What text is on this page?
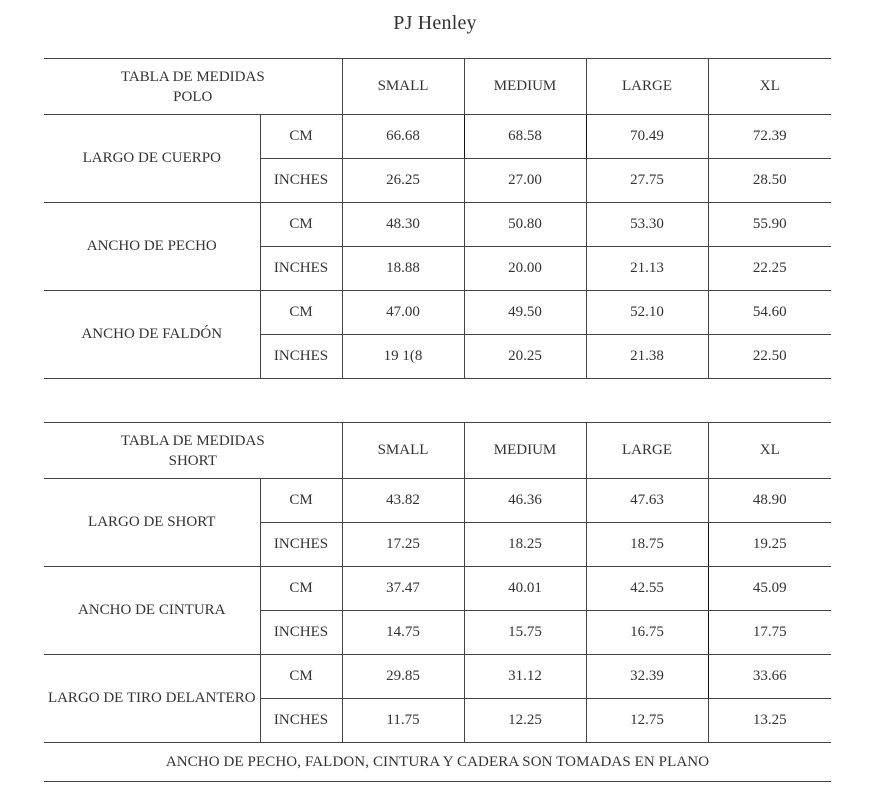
PJ Henley
TABLA DE MEDIDAS
POLO		SMALL	MEDIUM	LARGE	XL
LARGO DE CUERPO	CM	66.68	68.58	70.49	72.39
	INCHES	26.25	27.00	27.75	28.50
ANCHO DE PECHO	CM	48.30	50.80	53.30	55.90
	INCHES	18.88	20.00	21.13	22.25
ANCHO DE FALDÓN	CM	47.00	49.50	52.10	54.60
	INCHES	19 1(8	20.25	21.38	22.50
TABLA DE MEDIDAS
SHORT		SMALL	MEDIUM	LARGE	XL
LARGO DE SHORT	CM	43.82	46.36	47.63	48.90
	INCHES	17.25	18.25	18.75	19.25
ANCHO DE CINTURA	CM	37.47	40.01	42.55	45.09
	INCHES	14.75	15.75	16.75	17.75
LARGO DE TIRO DELANTERO	CM	29.85	31.12	32.39	33.66
	INCHES	11.75	12.25	12.75	13.25
ANCHO DE PECHO, FALDON, CINTURA Y CADERA SON TOMADAS EN PLANO					
